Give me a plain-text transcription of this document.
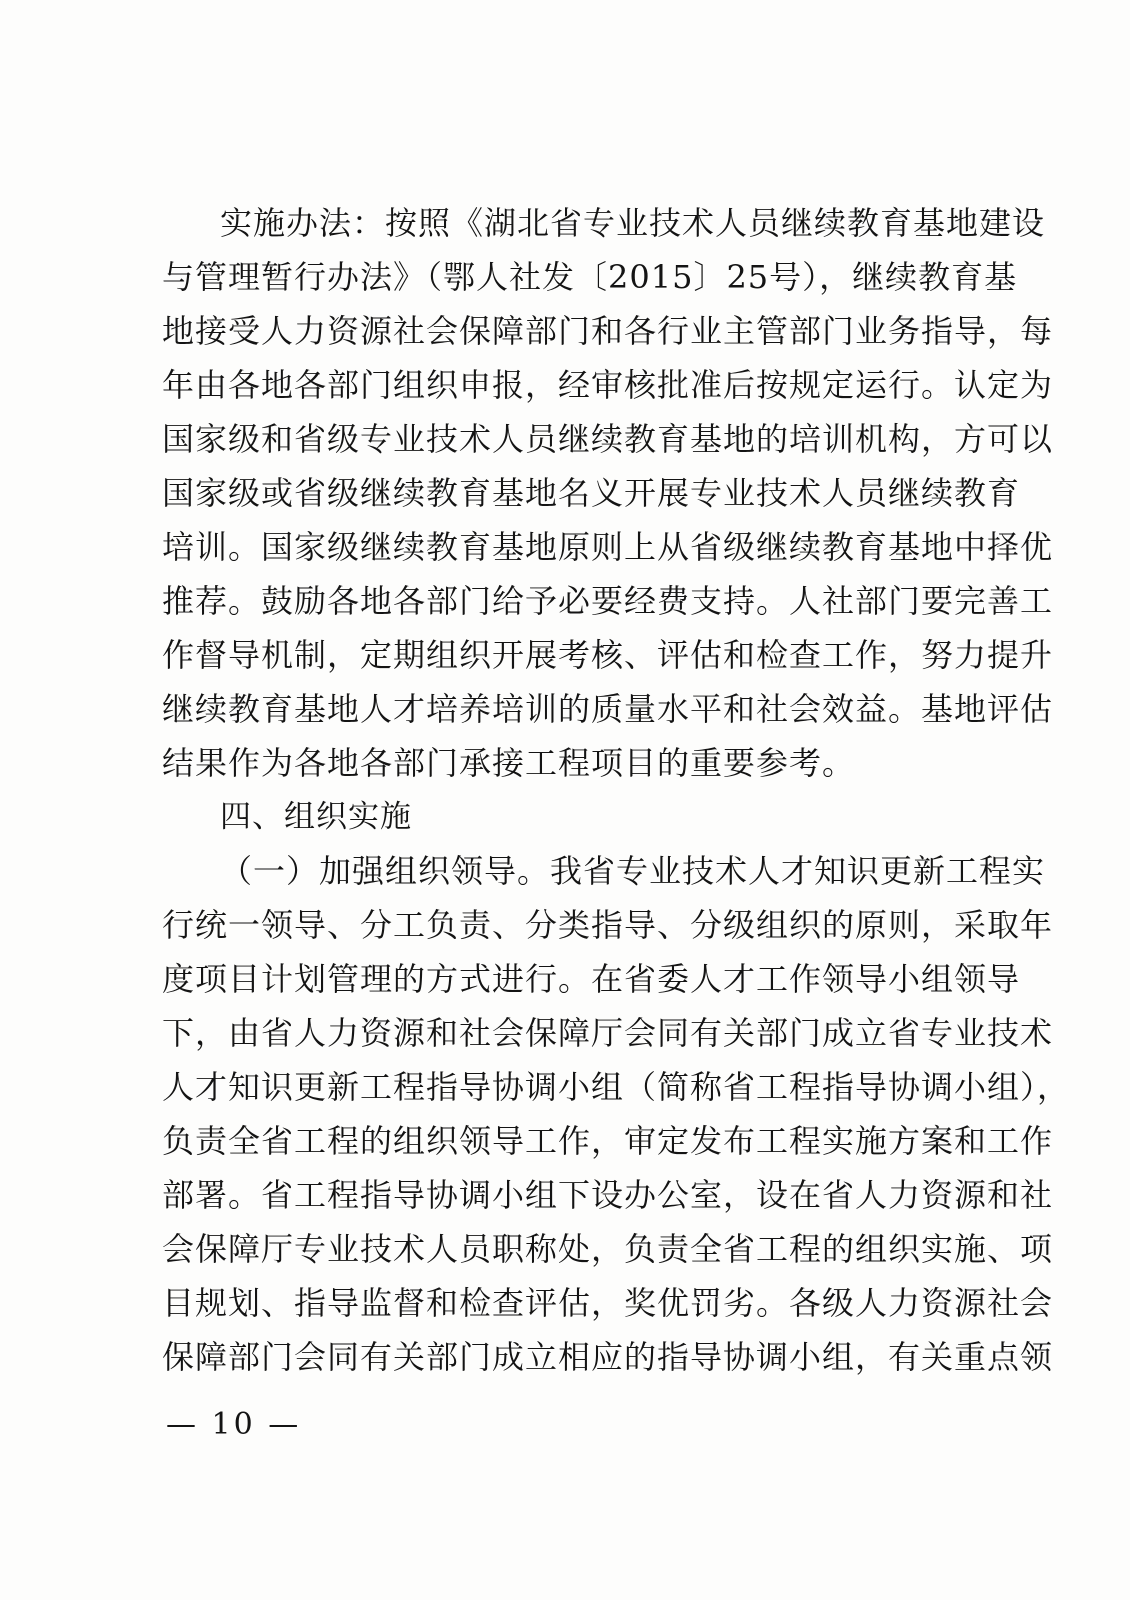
实施办法：按照《湖北省专业技术人员继续教育基地建设
与管理暂行办法》（鄂人社发〔2015〕25号），继续教育基
地接受人力资源社会保障部门和各行业主管部门业务指导，每
年由各地各部门组织申报，经审核批准后按规定运行。认定为
国家级和省级专业技术人员继续教育基地的培训机构，方可以
国家级或省级继续教育基地名义开展专业技术人员继续教育
培训。国家级继续教育基地原则上从省级继续教育基地中择优
推荐。鼓励各地各部门给予必要经费支持。人社部门要完善工
作督导机制，定期组织开展考核、评估和检查工作，努力提升
继续教育基地人才培养培训的质量水平和社会效益。基地评估
结果作为各地各部门承接工程项目的重要参考。
四、组织实施
（一）加强组织领导。我省专业技术人才知识更新工程实
行统一领导、分工负责、分类指导、分级组织的原则，采取年
度项目计划管理的方式进行。在省委人才工作领导小组领导
下，由省人力资源和社会保障厅会同有关部门成立省专业技术
人才知识更新工程指导协调小组（简称省工程指导协调小组），
负责全省工程的组织领导工作，审定发布工程实施方案和工作
部署。省工程指导协调小组下设办公室，设在省人力资源和社
会保障厅专业技术人员职称处，负责全省工程的组织实施、项
目规划、指导监督和检查评估，奖优罚劣。各级人力资源社会
保障部门会同有关部门成立相应的指导协调小组，有关重点领
— 10 —
